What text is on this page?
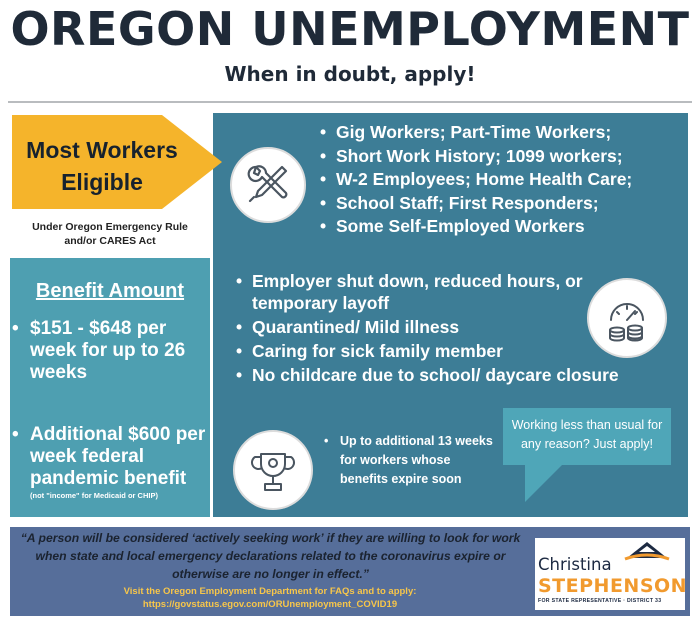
OREGON UNEMPLOYMENT
When in doubt, apply!
Most Workers
Eligible
Under Oregon Emergency Rule
and/or CARES Act
• Gig Workers; Part-Time Workers;
• Short Work History; 1099 workers;
• W-2 Employees; Home Health Care;
• School Staff; First Responders;
• Some Self-Employed Workers
• Employer shut down, reduced hours, or temporary layoff
• Quarantined/ Mild illness
• Caring for sick family member
• No childcare due to school/ daycare closure
Benefit Amount
• $151 - $648 per week for up to 26 weeks
• Additional $600 per week federal pandemic benefit
(not "income" for Medicaid or CHIP)
• Up to additional 13 weeks for workers whose benefits expire soon
Working less than usual for any reason? Just apply!
“A person will be considered ‘actively seeking work’ if they are willing to look for work when state and local emergency declarations related to the coronavirus expire or otherwise are no longer in effect.”
Visit the Oregon Employment Department for FAQs and to apply:
https://govstatus.egov.com/ORUnemployment_COVID19
Christina
STEPHENSON
FOR STATE REPRESENTATIVE · DISTRICT 33
